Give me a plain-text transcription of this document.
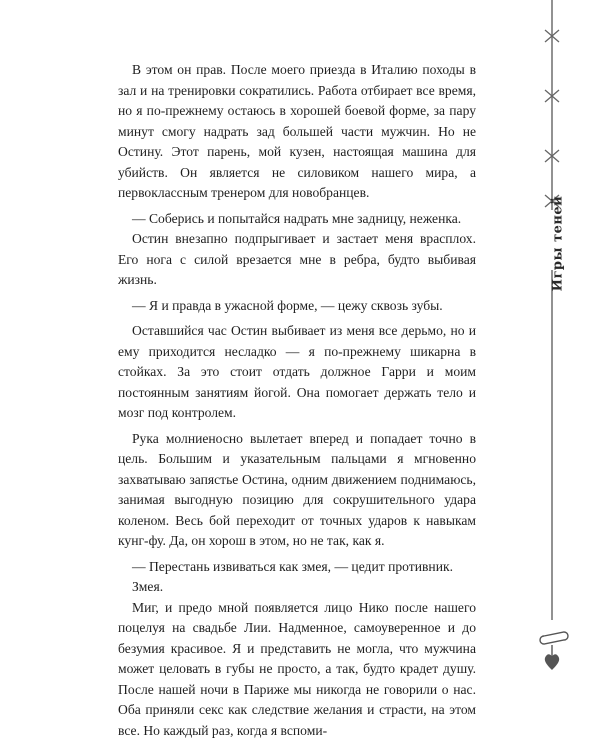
В этом он прав. После моего приезда в Италию походы в зал и на тренировки сократились. Работа отбирает все время, но я по-прежнему остаюсь в хорошей боевой форме, за пару минут смогу надрать зад большей части мужчин. Но не Остину. Этот парень, мой кузен, настоящая машина для убийств. Он является не силовиком нашего мира, а первоклассным тренером для новобранцев.

— Соберись и попытайся надрать мне задницу, неженка.

Остин внезапно подпрыгивает и застает меня врасплох. Его нога с силой врезается мне в ребра, будто выбивая жизнь.

— Я и правда в ужасной форме, — цежу сквозь зубы.

Оставшийся час Остин выбивает из меня все дерьмо, но и ему приходится несладко — я по-прежнему шикарна в стойках. За это стоит отдать должное Гарри и моим постоянным занятиям йогой. Она помогает держать тело и мозг под контролем.

Рука молниеносно вылетает вперед и попадает точно в цель. Большим и указательным пальцами я мгновенно захватываю запястье Остина, одним движением поднимаюсь, занимая выгодную позицию для сокрушительного удара коленом. Весь бой переходит от точных ударов к навыкам кунг-фу. Да, он хорош в этом, но не так, как я.

— Перестань извиваться как змея, — цедит противник.

Змея.

Миг, и предо мной появляется лицо Нико после нашего поцелуя на свадьбе Лии. Надменное, самоуверенное и до безумия красивое. Я и представить не могла, что мужчина может целовать в губы не просто, а так, будто крадет душу. После нашей ночи в Париже мы никогда не говорили о нас. Оба приняли секс как следствие желания и страсти, на этом все. Но каждый раз, когда я вспоми-

Игры теней
